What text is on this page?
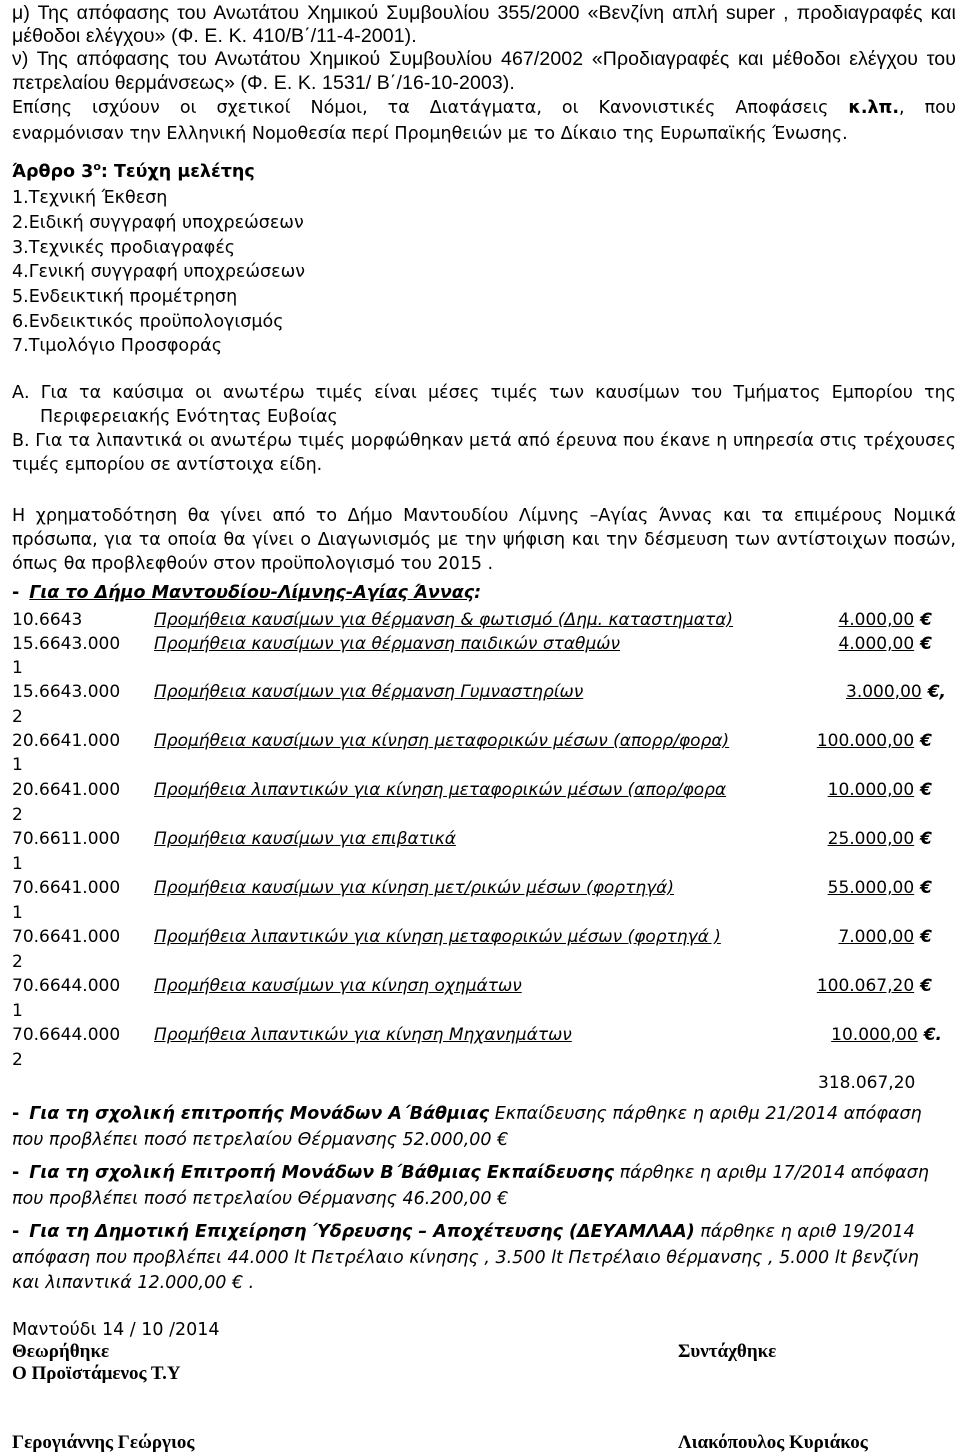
μ) Της απόφασης του Ανωτάτου Χημικού Συμβουλίου 355/2000 «Βενζίνη απλή super , προδιαγραφές και
μέθοδοι ελέγχου» (Φ. Ε. Κ. 410/Β΄/11-4-2001).
ν) Της απόφασης του Ανωτάτου Χημικού Συμβουλίου 467/2002 «Προδιαγραφές και μέθοδοι ελέγχου του
πετρελαίου θερμάνσεως» (Φ. Ε. Κ. 1531/ Β΄/16-10-2003).
Επίσης ισχύουν οι σχετικοί Νόμοι, τα Διατάγματα, οι Κανονιστικές Αποφάσεις κ.λπ., που
εναρμόνισαν την Ελληνική Νομοθεσία περί Προμηθειών με το Δίκαιο της Ευρωπαϊκής Ένωσης.
Άρθρο $3^o$: Τεύχη μελέτης
1.Τεχνική Έκθεση
2.Ειδική συγγραφή υποχρεώσεων
3.Τεχνικές προδιαγραφές
4.Γενική συγγραφή υποχρεώσεων
5.Ενδεικτική προμέτρηση
6.Ενδεικτικός προϋπολογισμός
7.Τιμολόγιο Προσφοράς
Α. Για τα καύσιμα οι ανωτέρω τιμές είναι μέσες τιμές των καυσίμων του Τμήματος Εμπορίου της
Περιφερειακής Ενότητας Ευβοίας
Β. Για τα λιπαντικά οι ανωτέρω τιμές μορφώθηκαν μετά από έρευνα που έκανε η υπηρεσία στις τρέχουσες
τιμές εμπορίου σε αντίστοιχα είδη.
Η χρηματοδότηση θα γίνει από το Δήμο Μαντουδίου Λίμνης –Αγίας Άννας και τα επιμέρους Νομικά
πρόσωπα, για τα οποία θα γίνει ο Διαγωνισμός με την ψήφιση και την δέσμευση των αντίστοιχων ποσών,
όπως θα προβλεφθούν στον προϋπολογισμό του 2015 .
- Για το Δήμο Μαντουδίου-Λίμνης-Αγίας Άννας:
10.6643	Προμήθεια καυσίμων για θέρμανση & φωτισμό (Δημ. καταστηματα)	4.000,00 €
15.6643.000 Προμήθεια καυσίμων για θέρμανση παιδικών σταθμών	4.000,00 €
1
15.6643.000 Προμήθεια καυσίμων για θέρμανση Γυμναστηρίων	3.000,00 €,
2
20.6641.000 Προμήθεια καυσίμων για κίνηση μεταφορικών μέσων (απορρ/φορα)	100.000,00 €
1
20.6641.000 Προμήθεια λιπαντικών για κίνηση μεταφορικών μέσων (απορ/φορα	10.000,00 €
2
70.6611.000 Προμήθεια καυσίμων για επιβατικά	25.000,00 €
1
70.6641.000 Προμήθεια καυσίμων για κίνηση μετ/ρικών μέσων (φορτηγά)	55.000,00 €
1
70.6641.000 Προμήθεια λιπαντικών για κίνηση μεταφορικών μέσων (φορτηγά )	7.000,00 €
2
70.6644.000 Προμήθεια καυσίμων για κίνηση οχημάτων	100.067,20 €
1
70.6644.000 Προμήθεια λιπαντικών για κίνηση Μηχανημάτων	10.000,00 €.
2
318.067,20
- Για τη σχολική επιτροπής Μονάδων Α΄Βάθμιας Εκπαίδευσης πάρθηκε η αριθμ 21/2014 απόφαση
που προβλέπει ποσό πετρελαίου Θέρμανσης 52.000,00 €
- Για τη σχολική Επιτροπή Μονάδων Β΄Βάθμιας Εκπαίδευσης πάρθηκε η αριθμ 17/2014 απόφαση
που προβλέπει ποσό πετρελαίου Θέρμανσης 46.200,00 €
- Για τη Δημοτική Επιχείρηση Ύδρευσης – Αποχέτευσης (ΔΕΥΑΜΛΑΑ) πάρθηκε η αριθ 19/2014
απόφαση που προβλέπει 44.000 lt Πετρέλαιο κίνησης , 3.500 lt Πετρέλαιο θέρμανσης , 5.000 lt βενζίνη
και λιπαντικά 12.000,00 € .
Μαντούδι 14 / 10 /2014
Θεωρήθηκε	Συντάχθηκε
Ο Προϊστάμενος Τ.Υ
Γερογιάννης Γεώργιος	Λιακόπουλος Κυριάκος
